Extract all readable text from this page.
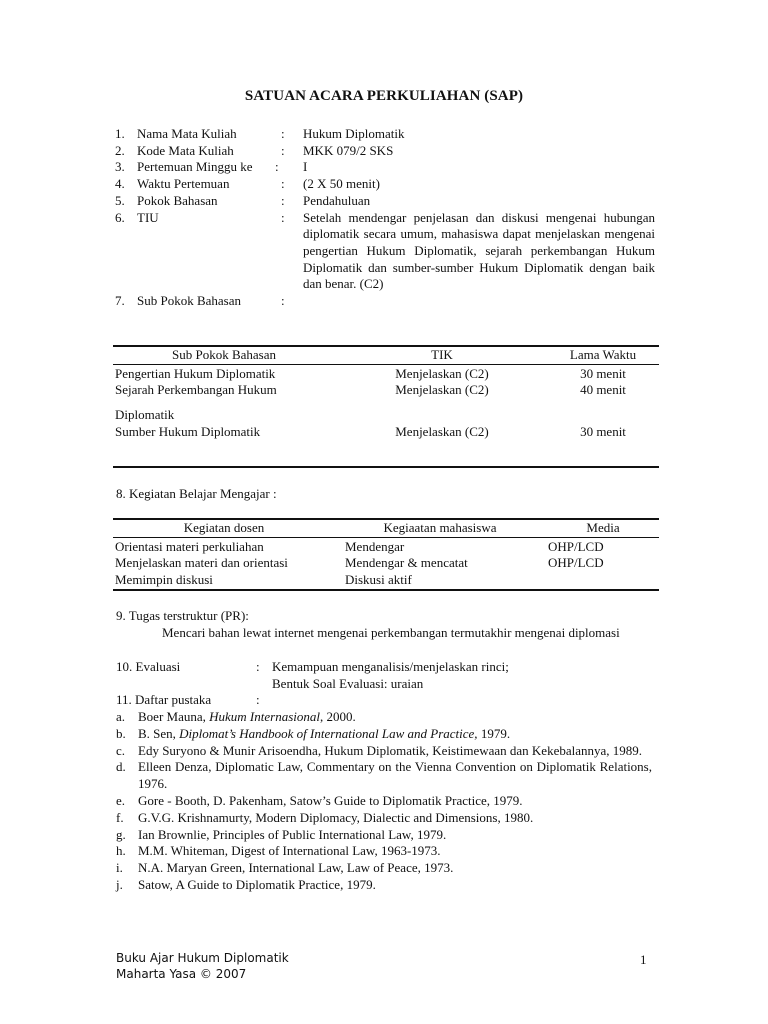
SATUAN ACARA PERKULIAHAN (SAP)
1. Nama Mata Kuliah	:	Hukum Diplomatik
2. Kode Mata Kuliah	:	MKK 079/2 SKS
3. Pertemuan Minggu ke	:	I
4. Waktu Pertemuan	:	(2 X 50 menit)
5. Pokok Bahasan	:	Pendahuluan
6. TIU	:	Setelah mendengar penjelasan dan diskusi mengenai hubungan diplomatik secara umum, mahasiswa dapat menjelaskan mengenai pengertian Hukum Diplomatik, sejarah perkembangan Hukum Diplomatik dan sumber-sumber Hukum Diplomatik dengan baik dan benar. (C2)
7. Sub Pokok Bahasan	:
Sub Pokok Bahasan	TIK	Lama Waktu
Pengertian Hukum Diplomatik	Menjelaskan (C2)	30 menit
Sejarah Perkembangan Hukum	Menjelaskan (C2)	40 menit
Diplomatik
Sumber Hukum Diplomatik	Menjelaskan (C2)	30 menit
8. Kegiatan Belajar Mengajar :
Kegiatan dosen	Kegiaatan mahasiswa	Media
Orientasi materi perkuliahan	Mendengar	OHP/LCD
Menjelaskan materi dan orientasi	Mendengar & mencatat	OHP/LCD
Memimpin diskusi	Diskusi aktif
9. Tugas terstruktur (PR):
Mencari bahan lewat internet mengenai perkembangan termutakhir mengenai diplomasi
10. Evaluasi	: Kemampuan menganalisis/menjelaskan rinci;
Bentuk Soal Evaluasi: uraian
11. Daftar pustaka	:
a. Boer Mauna, Hukum Internasional, 2000.
b. B. Sen, Diplomat’s Handbook of International Law and Practice, 1979.
c. Edy Suryono & Munir Arisoendha, Hukum Diplomatik, Keistimewaan dan Kekebalannya, 1989.
d. Elleen Denza, Diplomatic Law, Commentary on the Vienna Convention on Diplomatik Relations, 1976.
e. Gore - Booth, D. Pakenham, Satow’s Guide to Diplomatik Practice, 1979.
f.	G.V.G. Krishnamurty, Modern Diplomacy, Dialectic and Dimensions, 1980.
g. Ian Brownlie, Principles of Public International Law, 1979.
h. M.M. Whiteman, Digest of International Law, 1963-1973.
i.	N.A. Maryan Green, International Law, Law of Peace, 1973.
j.	Satow, A Guide to Diplomatik Practice, 1979.
Buku Ajar Hukum Diplomatik
Maharta Yasa © 2007
1
